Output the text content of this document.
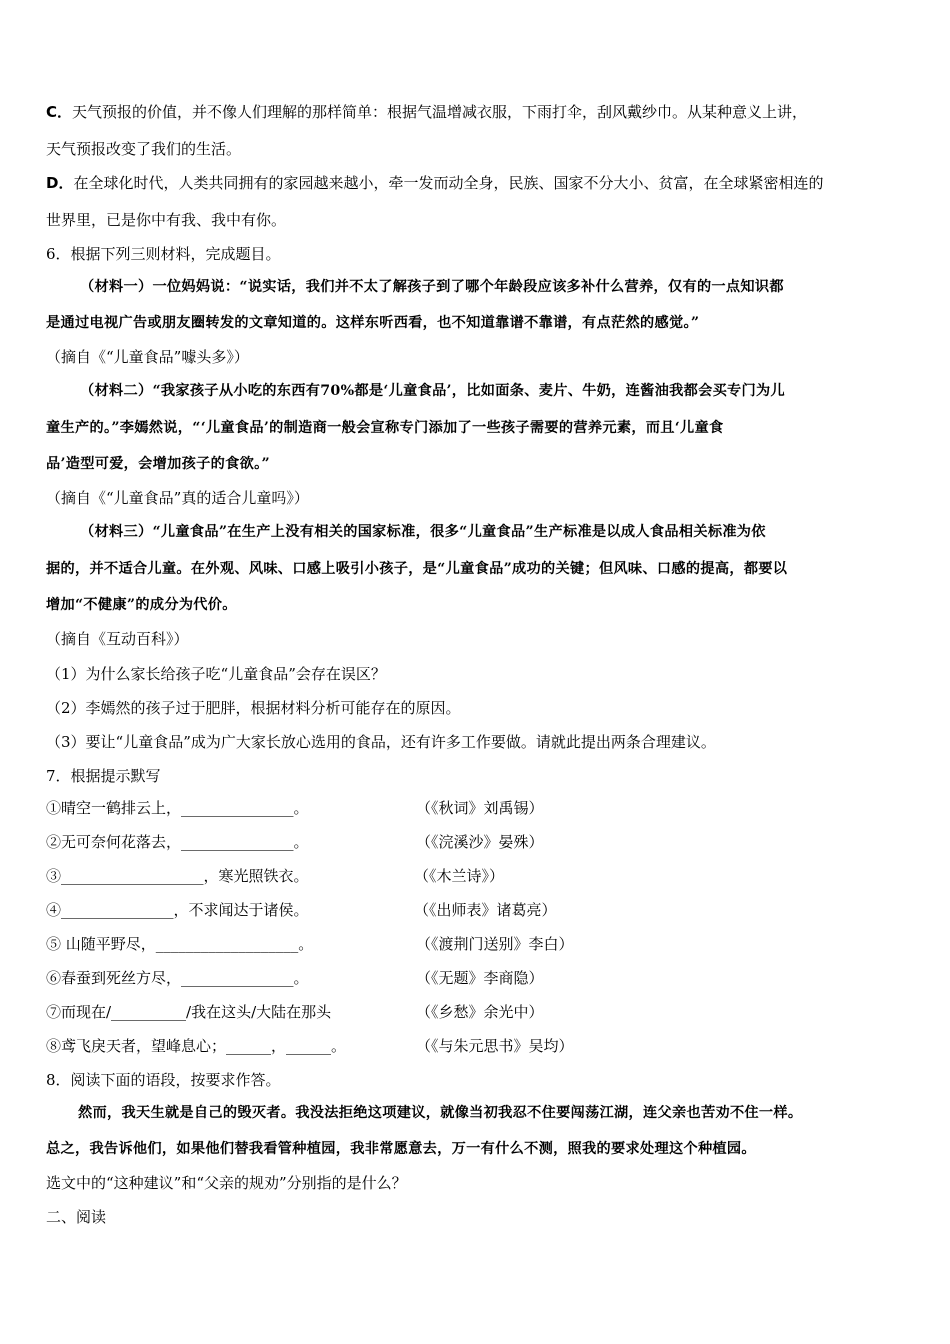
C．天气预报的价值，并不像人们理解的那样简单：根据气温增减衣服，下雨打伞，刮风戴纱巾。从某种意义上讲，
天气预报改变了我们的生活。
D．在全球化时代，人类共同拥有的家园越来越小，牵一发而动全身，民族、国家不分大小、贫富，在全球紧密相连的
世界里，已是你中有我、我中有你。
6．根据下列三则材料，完成题目。
（材料一）一位妈妈说：“说实话，我们并不太了解孩子到了哪个年龄段应该多补什么营养，仅有的一点知识都
是通过电视广告或朋友圈转发的文章知道的。这样东听西看，也不知道靠谱不靠谱，有点茫然的感觉。”
（摘自《“儿童食品”噱头多》）
（材料二）“我家孩子从小吃的东西有70%都是‘儿童食品’，比如面条、麦片、牛奶，连酱油我都会买专门为儿
童生产的。”李嫣然说，“‘儿童食品’的制造商一般会宣称专门添加了一些孩子需要的营养元素，而且‘儿童食
品’造型可爱，会增加孩子的食欲。”
（摘自《“儿童食品”真的适合儿童吗》）
（材料三）“儿童食品”在生产上没有相关的国家标准，很多“儿童食品”生产标准是以成人食品相关标准为依
据的，并不适合儿童。在外观、风味、口感上吸引小孩子，是“儿童食品”成功的关键；但风味、口感的提高，都要以
增加“不健康”的成分为代价。
（摘自《互动百科》）
（1）为什么家长给孩子吃“儿童食品”会存在误区？
（2）李嫣然的孩子过于肥胖，根据材料分析可能存在的原因。
（3）要让“儿童食品”成为广大家长放心选用的食品，还有许多工作要做。请就此提出两条合理建议。
7．根据提示默写
①晴空一鹤排云上，_______________。	（《秋词》刘禹锡）
②无可奈何花落去，_______________。	（《浣溪沙》晏殊）
③___________________，寒光照铁衣。	（《木兰诗》）
④_______________，不求闻达于诸侯。	（《出师表》诸葛亮）
⑤ 山随平野尽，___________________。	（《渡荆门送别》李白）
⑥春蚕到死丝方尽，_______________。	（《无题》李商隐）
⑦而现在/__________/我在这头/大陆在那头	（《乡愁》余光中）
⑧鸢飞戾天者，望峰息心；______，______。	（《与朱元思书》吴均）
8．阅读下面的语段，按要求作答。
然而，我天生就是自己的毁灭者。我没法拒绝这项建议，就像当初我忍不住要闯荡江湖，连父亲也苦劝不住一样。
总之，我告诉他们，如果他们替我看管种植园，我非常愿意去，万一有什么不测，照我的要求处理这个种植园。
选文中的“这种建议”和“父亲的规劝”分别指的是什么？
二、阅读
